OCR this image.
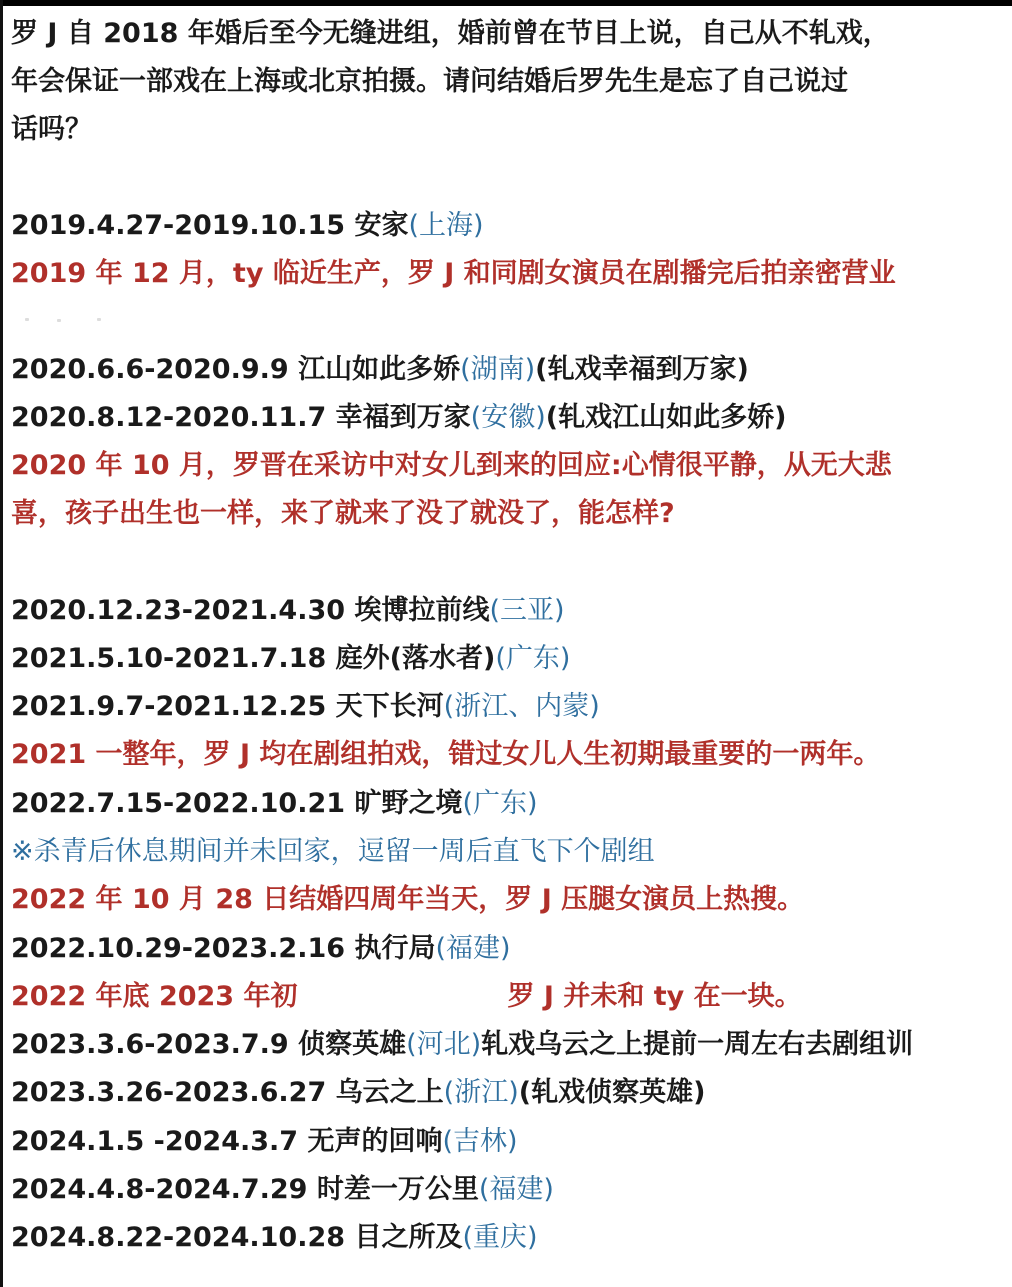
罗 J 自 2018 年婚后至今无缝进组，婚前曾在节目上说，自己从不轧戏，
年会保证一部戏在上海或北京拍摄。请问结婚后罗先生是忘了自己说过
话吗？
2019.4.27-2019.10.15 安家(上海)
2019 年 12 月，ty 临近生产，罗 J 和同剧女演员在剧播完后拍亲密营业
2020.6.6-2020.9.9 江山如此多娇(湖南)(轧戏幸福到万家)
2020.8.12-2020.11.7 幸福到万家(安徽)(轧戏江山如此多娇)
2020 年 10 月，罗晋在采访中对女儿到来的回应:心情很平静，从无大悲
喜，孩子出生也一样，来了就来了没了就没了，能怎样?
2020.12.23-2021.4.30 埃博拉前线(三亚)
2021.5.10-2021.7.18 庭外(落水者)(广东)
2021.9.7-2021.12.25 天下长河(浙江、内蒙)
2021 一整年，罗 J 均在剧组拍戏，错过女儿人生初期最重要的一两年。
2022.7.15-2022.10.21 旷野之境(广东)
※杀青后休息期间并未回家，逗留一周后直飞下个剧组
2022 年 10 月 28 日结婚四周年当天，罗 J 压腿女演员上热搜。
2022.10.29-2023.2.16 执行局(福建)
2022 年底 2023 年初	罗 J 并未和 ty 在一块。
2023.3.6-2023.7.9 侦察英雄(河北)轧戏乌云之上提前一周左右去剧组训
2023.3.26-2023.6.27 乌云之上(浙江)(轧戏侦察英雄)
2024.1.5 -2024.3.7 无声的回响(吉林)
2024.4.8-2024.7.29 时差一万公里(福建)
2024.8.22-2024.10.28 目之所及(重庆)
